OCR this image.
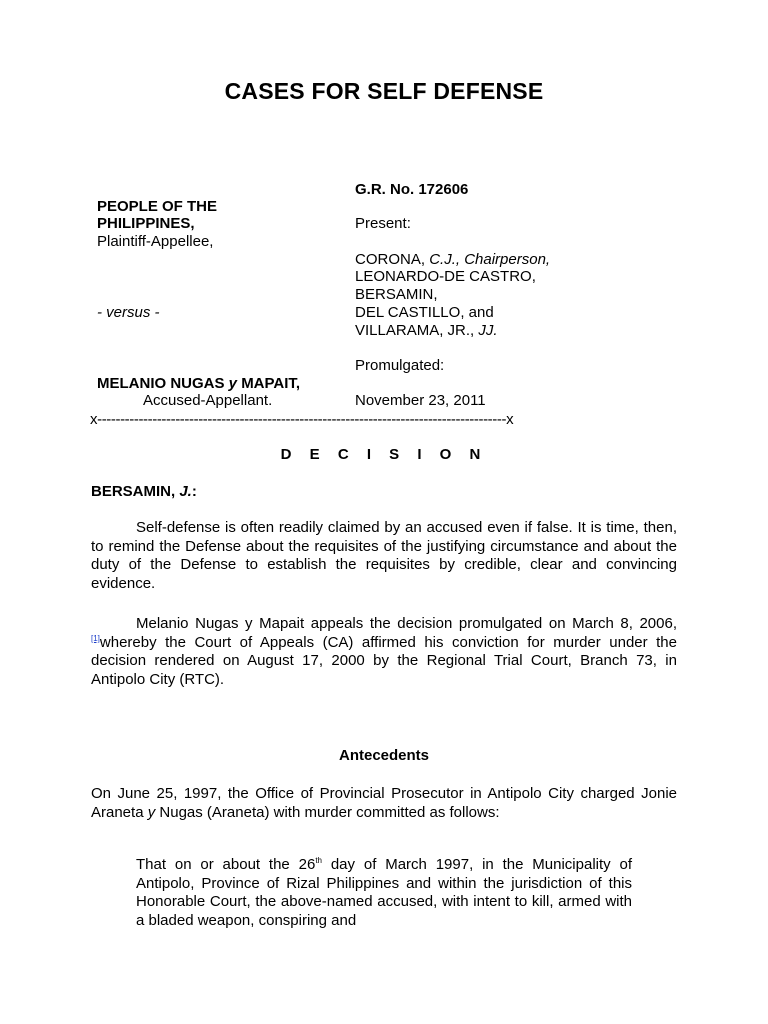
CASES FOR SELF DEFENSE
G.R. No. 172606
PEOPLE OF THE
PHILIPPINES,
Plaintiff-Appellee,
Present:
CORONA, C.J., Chairperson,
LEONARDO-DE CASTRO,
BERSAMIN,
DEL CASTILLO, and
VILLARAMA, JR., JJ.
- versus -
Promulgated:
MELANIO NUGAS y MAPAIT,
Accused-Appellant.	November 23, 2011
x-----------------------------------------------------------------------------------------x
D E C I S I O N
BERSAMIN, J.:
Self-defense is often readily claimed by an accused even if false. It is time, then, to remind the Defense about the requisites of the justifying circumstance and about the duty of the Defense to establish the requisites by credible, clear and convincing evidence.
Melanio Nugas y Mapait appeals the decision promulgated on March 8, 2006,[1]whereby the Court of Appeals (CA) affirmed his conviction for murder under the decision rendered on August 17, 2000 by the Regional Trial Court, Branch 73, in Antipolo City (RTC).
Antecedents
On June 25, 1997, the Office of Provincial Prosecutor in Antipolo City charged Jonie Araneta y Nugas (Araneta) with murder committed as follows:
That on or about the 26th day of March 1997, in the Municipality of Antipolo, Province of Rizal Philippines and within the jurisdiction of this Honorable Court, the above-named accused, with intent to kill, armed with a bladed weapon, conspiring and
